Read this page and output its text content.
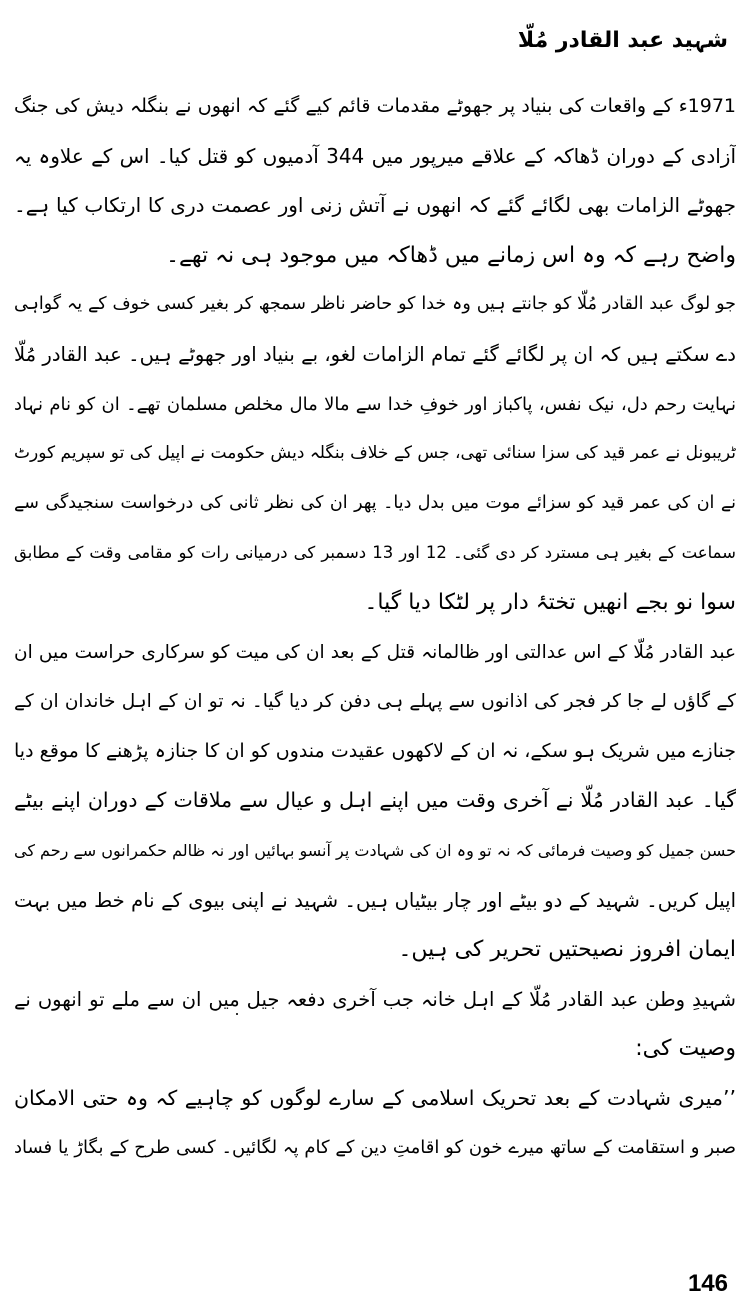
شہید عبد القادر مُلّا
1971ء کے واقعات کی بنیاد پر جھوٹے مقدمات قائم کیے گئے کہ انھوں نے بنگلہ دیش کی جنگ
آزادی کے دوران ڈھاکہ کے علاقے میرپور میں 344 آدمیوں کو قتل کیا۔ اس کے علاوہ یہ
جھوٹے الزامات بھی لگائے گئے کہ انھوں نے آتش زنی اور عصمت دری کا ارتکاب کیا ہے۔
واضح رہے کہ وہ اس زمانے میں ڈھاکہ میں موجود ہی نہ تھے۔
جو لوگ عبد القادر مُلّا کو جانتے ہیں وہ خدا کو حاضر ناظر سمجھ کر بغیر کسی خوف کے یہ گواہی
دے سکتے ہیں کہ ان پر لگائے گئے تمام الزامات لغو، بے بنیاد اور جھوٹے ہیں۔ عبد القادر مُلّا
نہایت رحم دل، نیک نفس، پاکباز اور خوفِ خدا سے مالا مال مخلص مسلمان تھے۔ ان کو نام نہاد
ٹریبونل نے عمر قید کی سزا سنائی تھی، جس کے خلاف بنگلہ دیش حکومت نے اپیل کی تو سپریم کورٹ
نے ان کی عمر قید کو سزائے موت میں بدل دیا۔ پھر ان کی نظر ثانی کی درخواست سنجیدگی سے
سماعت کے بغیر ہی مسترد کر دی گئی۔ 12 اور 13 دسمبر کی درمیانی رات کو مقامی وقت کے مطابق
سوا نو بجے انھیں تختۂ دار پر لٹکا دیا گیا۔
عبد القادر مُلّا کے اس عدالتی اور ظالمانہ قتل کے بعد ان کی میت کو سرکاری حراست میں ان
کے گاؤں لے جا کر فجر کی اذانوں سے پہلے ہی دفن کر دیا گیا۔ نہ تو ان کے اہل خاندان ان کے
جنازے میں شریک ہو سکے، نہ ان کے لاکھوں عقیدت مندوں کو ان کا جنازہ پڑھنے کا موقع دیا
گیا۔ عبد القادر مُلّا نے آخری وقت میں اپنے اہل و عیال سے ملاقات کے دوران اپنے بیٹے
حسن جمیل کو وصیت فرمائی کہ نہ تو وہ ان کی شہادت پر آنسو بہائیں اور نہ ظالم حکمرانوں سے رحم کی
اپیل کریں۔ شہید کے دو بیٹے اور چار بیٹیاں ہیں۔ شہید نے اپنی بیوی کے نام خط میں بہت
ایمان افروز نصیحتیں تحریر کی ہیں۔
شہیدِ وطن عبد القادر مُلّا کے اہل خانہ جب آخری دفعہ جیل میں ان سے ملے تو انھوں نے
وصیت کی:
’’میری شہادت کے بعد تحریک اسلامی کے سارے لوگوں کو چاہیے کہ وہ حتی الامکان
صبر و استقامت کے ساتھ میرے خون کو اقامتِ دین کے کام پہ لگائیں۔ کسی طرح کے بگاڑ یا فساد
146
